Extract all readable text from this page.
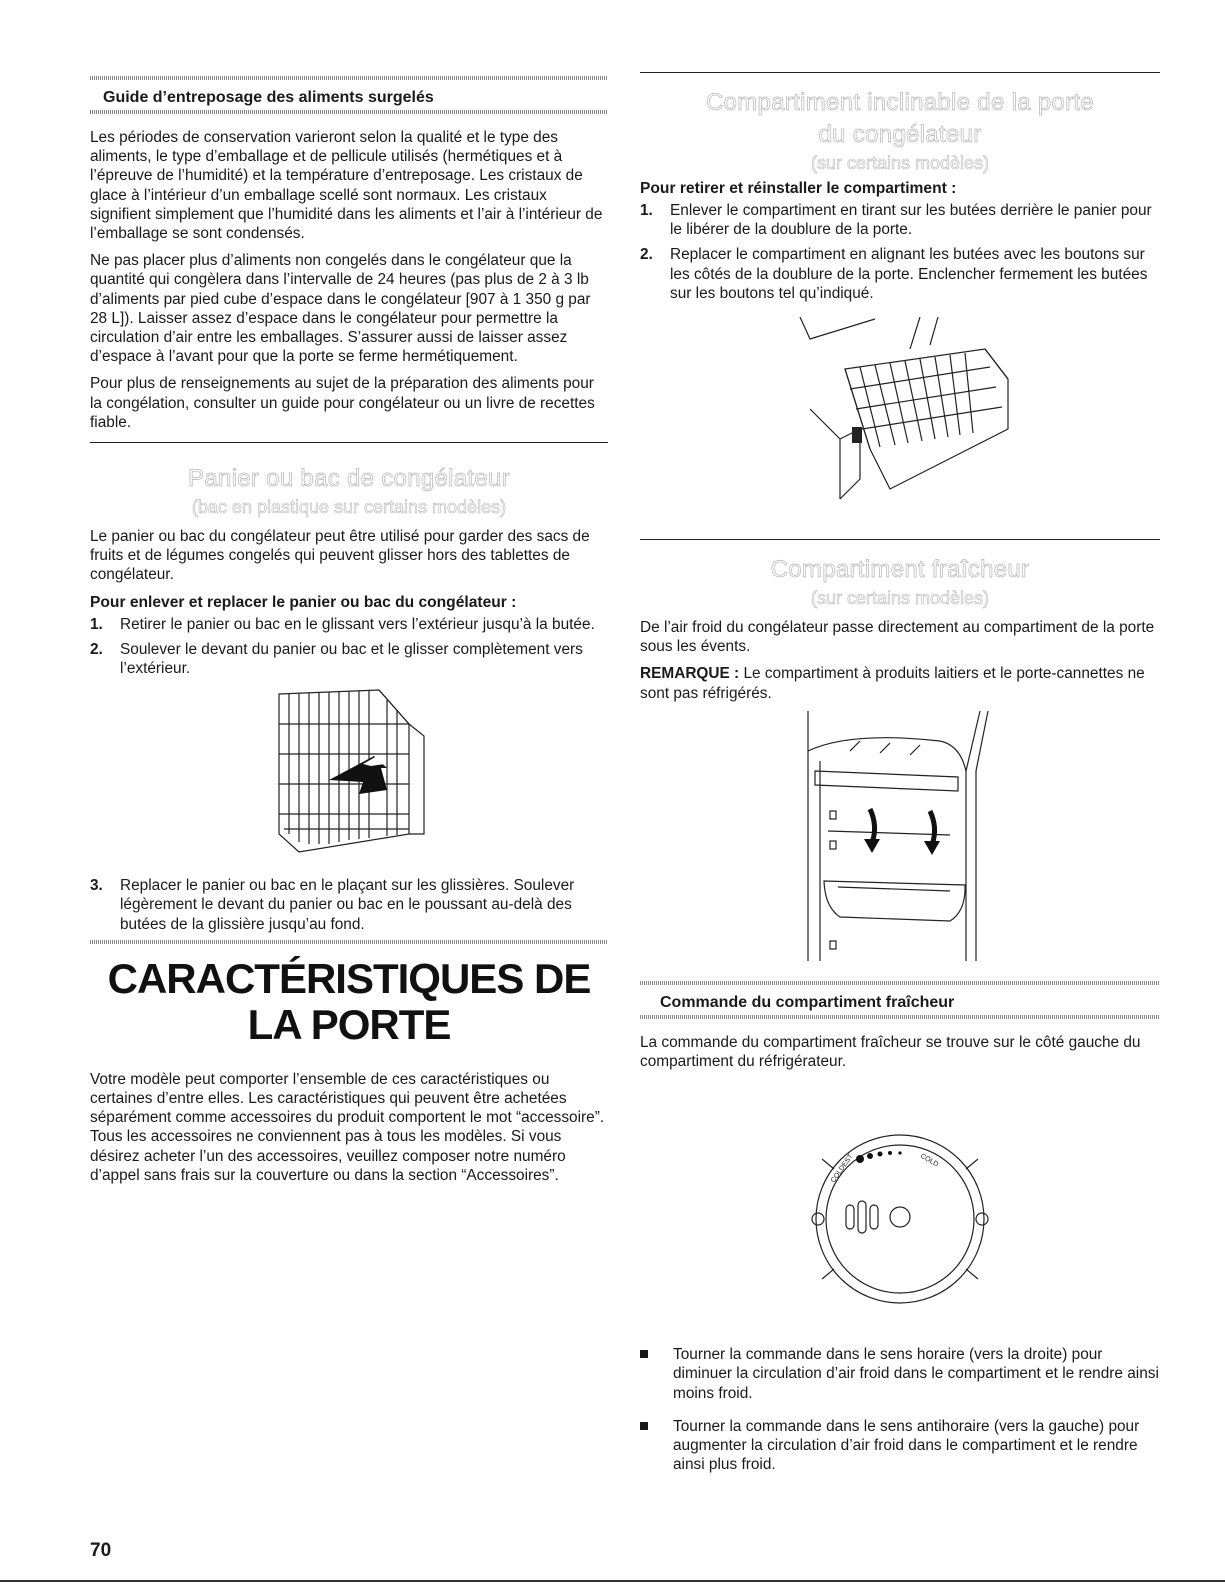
Guide d’entreposage des aliments surgelés

Les périodes de conservation varieront selon la qualité et le type des aliments, le type d’emballage et de pellicule utilisés (hermétiques et à l’épreuve de l’humidité) et la température d’entreposage. Les cristaux de glace à l’intérieur d’un emballage scellé sont normaux. Les cristaux signifient simplement que l’humidité dans les aliments et l’air à l’intérieur de l’emballage se sont condensés.

Ne pas placer plus d’aliments non congelés dans le congélateur que la quantité qui congèlera dans l’intervalle de 24 heures (pas plus de 2 à 3 lb d’aliments par pied cube d’espace dans le congélateur [907 à 1 350 g par 28 L]). Laisser assez d’espace dans le congélateur pour permettre la circulation d’air entre les emballages. S’assurer aussi de laisser assez d’espace à l’avant pour que la porte se ferme hermétiquement.

Pour plus de renseignements au sujet de la préparation des aliments pour la congélation, consulter un guide pour congélateur ou un livre de recettes fiable.

Panier ou bac de congélateur
(bac en plastique sur certains modèles)

Le panier ou bac du congélateur peut être utilisé pour garder des sacs de fruits et de légumes congelés qui peuvent glisser hors des tablettes de congélateur.

Pour enlever et replacer le panier ou bac du congélateur :
1. Retirer le panier ou bac en le glissant vers l’extérieur jusqu’à la butée.
2. Soulever le devant du panier ou bac et le glisser complètement vers l’extérieur.
3. Replacer le panier ou bac en le plaçant sur les glissières. Soulever légèrement le devant du panier ou bac en le poussant au-delà des butées de la glissière jusqu’au fond.
CARACTÉRISTIQUES DE
LA PORTE

Votre modèle peut comporter l’ensemble de ces caractéristiques ou certaines d’entre elles. Les caractéristiques qui peuvent être achetées séparément comme accessoires du produit comportent le mot “accessoire”. Tous les accessoires ne conviennent pas à tous les modèles. Si vous désirez acheter l’un des accessoires, veuillez composer notre numéro d’appel sans frais sur la couverture ou dans la section “Accessoires”.

Compartiment inclinable de la porte
du congélateur
(sur certains modèles)
Pour retirer et réinstaller le compartiment :
1. Enlever le compartiment en tirant sur les butées derrière le panier pour le libérer de la doublure de la porte.
2. Replacer le compartiment en alignant les butées avec les boutons sur les côtés de la doublure de la porte. Enclencher fermement les butées sur les boutons tel qu’indiqué.
Compartiment fraîcheur
(sur certains modèles)

De l’air froid du congélateur passe directement au compartiment de la porte sous les évents.

REMARQUE : Le compartiment à produits laitiers et le porte-cannettes ne sont pas réfrigérés.

Commande du compartiment fraîcheur

La commande du compartiment fraîcheur se trouve sur le côté gauche du compartiment du réfrigérateur.

COLDEST	COLD
Tourner la commande dans le sens horaire (vers la droite) pour diminuer la circulation d’air froid dans le compartiment et le rendre ainsi moins froid.
Tourner la commande dans le sens antihoraire (vers la gauche) pour augmenter la circulation d’air froid dans le compartiment et le rendre ainsi plus froid.
70
